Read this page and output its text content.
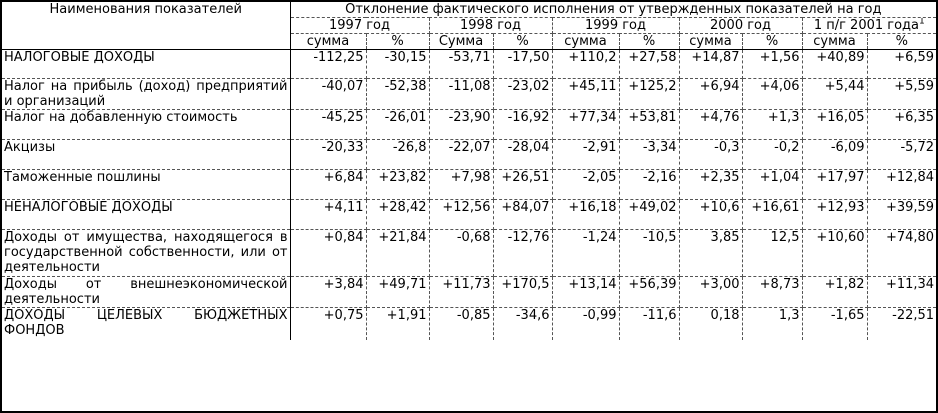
Наименования показателей	Отклонение фактического исполнения от утвержденных показателей на год									
	1997 год		1998 год		1999 год		2000 год		1 п/г 2001 года$^1$
	сумма	%	Сумма	%	сумма	%	сумма	%	сумма	%
НАЛОГОВЫЕ ДОХОДЫ	-112,25	-30,15	-53,71	-17,50	+110,2	+27,58	+14,87	+1,56	+40,89	+6,59
Налог на прибыль (доход) предприятий и организаций	-40,07	-52,38	-11,08	-23,02	+45,11	+125,2	+6,94	+4,06	+5,44	+5,59
Налог на добавленную стоимость	-45,25	-26,01	-23,90	-16,92	+77,34	+53,81	+4,76	+1,3	+16,05	+6,35
Акцизы	-20,33	-26,8	-22,07	-28,04	-2,91	-3,34	-0,3	-0,2	-6,09	-5,72
Таможенные пошлины	+6,84	+23,82	+7,98	+26,51	-2,05	-2,16	+2,35	+1,04	+17,97	+12,84
НЕНАЛОГОВЫЕ ДОХОДЫ	+4,11	+28,42	+12,56	+84,07	+16,18	+49,02	+10,6	+16,61	+12,93	+39,59
Доходы от имущества, находящегося в государственной собственности, или от деятельности	+0,84	+21,84	-0,68	-12,76	-1,24	-10,5	3,85	12,5	+10,60	+74,80
Доходы от внешнеэкономической деятельности	+3,84	+49,71	+11,73	+170,5	+13,14	+56,39	+3,00	+8,73	+1,82	+11,34
ДОХОДЫ ЦЕЛЕВЫХ БЮДЖЕТНЫХ ФОНДОВ	+0,75	+1,91	-0,85	-34,6	-0,99	-11,6	0,18	1,3	-1,65	-22,51
